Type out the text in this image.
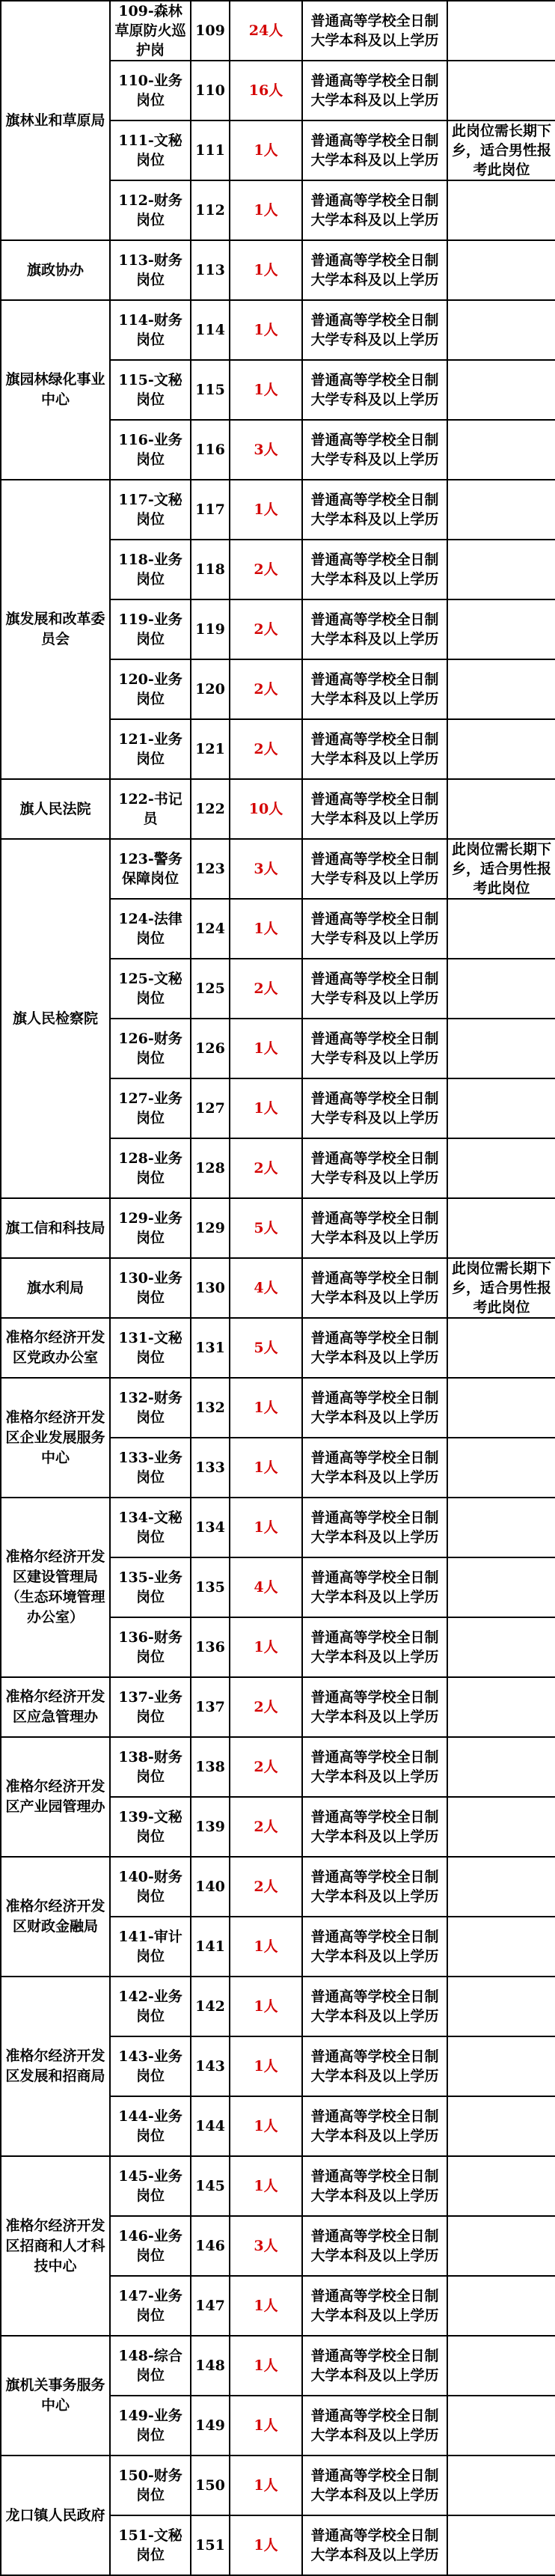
旗林业和草原局	109-森林草原防火巡护岗	109	24人	普通高等学校全日制大学本科及以上学历	
	110-业务岗位	110	16人	普通高等学校全日制大学本科及以上学历	
	111-文秘岗位	111	1人	普通高等学校全日制大学本科及以上学历	此岗位需长期下乡，适合男性报考此岗位
	112-财务岗位	112	1人	普通高等学校全日制大学本科及以上学历	
旗政协办	113-财务岗位	113	1人	普通高等学校全日制大学本科及以上学历	
旗园林绿化事业中心	114-财务岗位	114	1人	普通高等学校全日制大学专科及以上学历	
	115-文秘岗位	115	1人	普通高等学校全日制大学专科及以上学历	
	116-业务岗位	116	3人	普通高等学校全日制大学专科及以上学历	
旗发展和改革委员会	117-文秘岗位	117	1人	普通高等学校全日制大学本科及以上学历	
	118-业务岗位	118	2人	普通高等学校全日制大学本科及以上学历	
	119-业务岗位	119	2人	普通高等学校全日制大学本科及以上学历	
	120-业务岗位	120	2人	普通高等学校全日制大学本科及以上学历	
	121-业务岗位	121	2人	普通高等学校全日制大学本科及以上学历	
旗人民法院	122-书记员	122	10人	普通高等学校全日制大学本科及以上学历	
旗人民检察院	123-警务保障岗位	123	3人	普通高等学校全日制大学专科及以上学历	此岗位需长期下乡，适合男性报考此岗位
	124-法律岗位	124	1人	普通高等学校全日制大学专科及以上学历	
	125-文秘岗位	125	2人	普通高等学校全日制大学专科及以上学历	
	126-财务岗位	126	1人	普通高等学校全日制大学专科及以上学历	
	127-业务岗位	127	1人	普通高等学校全日制大学专科及以上学历	
	128-业务岗位	128	2人	普通高等学校全日制大学专科及以上学历	
旗工信和科技局	129-业务岗位	129	5人	普通高等学校全日制大学本科及以上学历	
旗水利局	130-业务岗位	130	4人	普通高等学校全日制大学本科及以上学历	此岗位需长期下乡，适合男性报考此岗位
准格尔经济开发区党政办公室	131-文秘岗位	131	5人	普通高等学校全日制大学本科及以上学历	
准格尔经济开发区企业发展服务中心	132-财务岗位	132	1人	普通高等学校全日制大学本科及以上学历	
	133-业务岗位	133	1人	普通高等学校全日制大学本科及以上学历	
准格尔经济开发区建设管理局（生态环境管理办公室）	134-文秘岗位	134	1人	普通高等学校全日制大学本科及以上学历	
	135-业务岗位	135	4人	普通高等学校全日制大学本科及以上学历	
	136-财务岗位	136	1人	普通高等学校全日制大学本科及以上学历	
准格尔经济开发区应急管理办	137-业务岗位	137	2人	普通高等学校全日制大学本科及以上学历	
准格尔经济开发区产业园管理办	138-财务岗位	138	2人	普通高等学校全日制大学本科及以上学历	
	139-文秘岗位	139	2人	普通高等学校全日制大学本科及以上学历	
准格尔经济开发区财政金融局	140-财务岗位	140	2人	普通高等学校全日制大学本科及以上学历	
	141-审计岗位	141	1人	普通高等学校全日制大学本科及以上学历	
准格尔经济开发区发展和招商局	142-业务岗位	142	1人	普通高等学校全日制大学本科及以上学历	
	143-业务岗位	143	1人	普通高等学校全日制大学本科及以上学历	
	144-业务岗位	144	1人	普通高等学校全日制大学本科及以上学历	
准格尔经济开发区招商和人才科技中心	145-业务岗位	145	1人	普通高等学校全日制大学本科及以上学历	
	146-业务岗位	146	3人	普通高等学校全日制大学本科及以上学历	
	147-业务岗位	147	1人	普通高等学校全日制大学本科及以上学历	
旗机关事务服务中心	148-综合岗位	148	1人	普通高等学校全日制大学本科及以上学历	
	149-业务岗位	149	1人	普通高等学校全日制大学本科及以上学历	
龙口镇人民政府	150-财务岗位	150	1人	普通高等学校全日制大学本科及以上学历	
	151-文秘岗位	151	1人	普通高等学校全日制大学本科及以上学历	
